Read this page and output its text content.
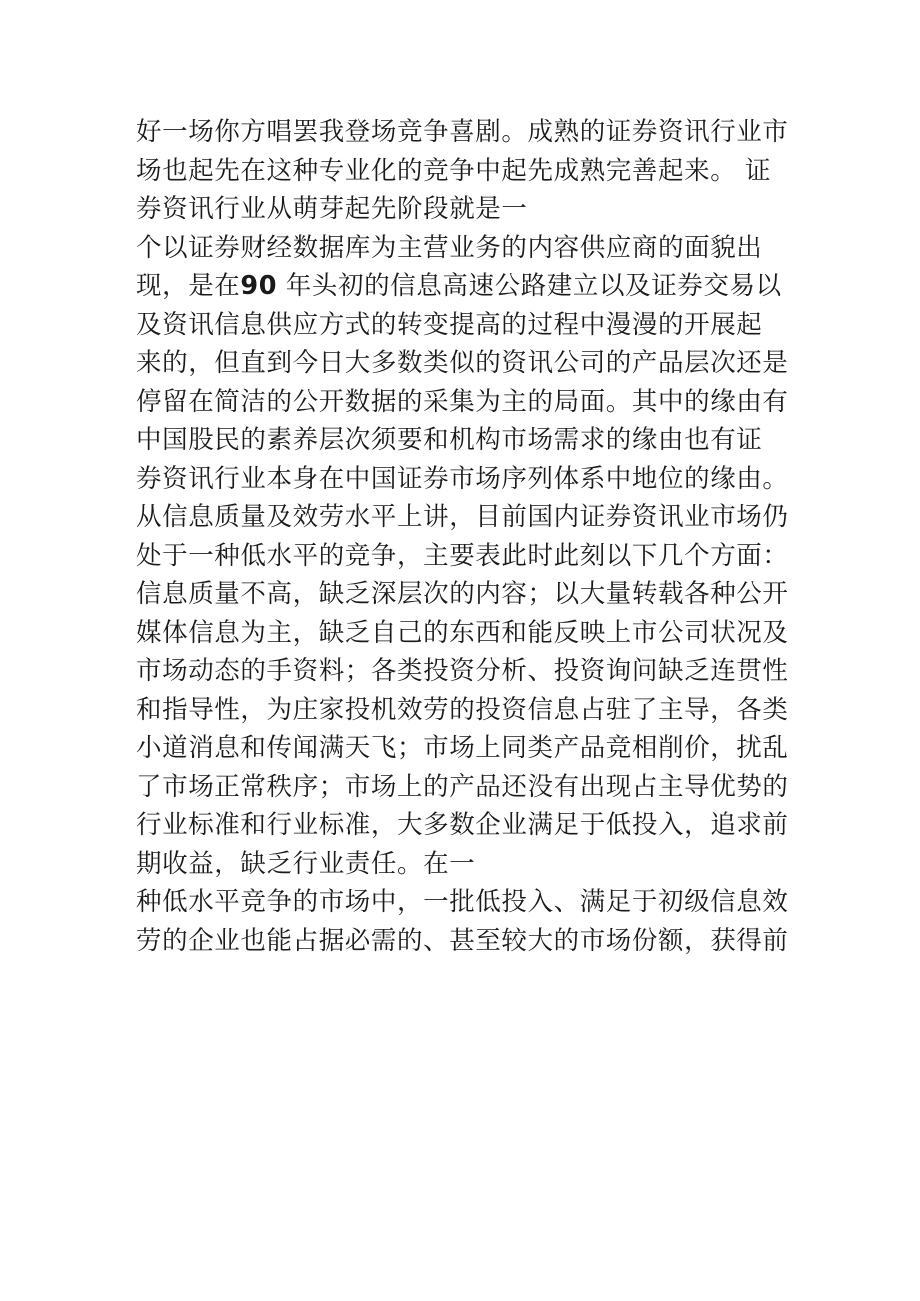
好一场你方唱罢我登场竞争喜剧。成熟的证券资讯行业市
场也起先在这种专业化的竞争中起先成熟完善起来。 证
券资讯行业从萌芽起先阶段就是一
个以证券财经数据库为主营业务的内容供应商的面貌出
现，是在90 年头初的信息高速公路建立以及证券交易以
及资讯信息供应方式的转变提高的过程中漫漫的开展起
来的，但直到今日大多数类似的资讯公司的产品层次还是
停留在简洁的公开数据的采集为主的局面。其中的缘由有
中国股民的素养层次须要和机构市场需求的缘由也有证
券资讯行业本身在中国证券市场序列体系中地位的缘由。
从信息质量及效劳水平上讲，目前国内证券资讯业市场仍
处于一种低水平的竞争，主要表此时此刻以下几个方面：
信息质量不高，缺乏深层次的内容；以大量转载各种公开
媒体信息为主，缺乏自己的东西和能反映上市公司状况及
市场动态的手资料；各类投资分析、投资询问缺乏连贯性
和指导性，为庄家投机效劳的投资信息占驻了主导，各类
小道消息和传闻满天飞；市场上同类产品竞相削价，扰乱
了市场正常秩序；市场上的产品还没有出现占主导优势的
行业标准和行业标准，大多数企业满足于低投入，追求前
期收益，缺乏行业责任。在一
种低水平竞争的市场中，一批低投入、满足于初级信息效
劳的企业也能占据必需的、甚至较大的市场份额，获得前
